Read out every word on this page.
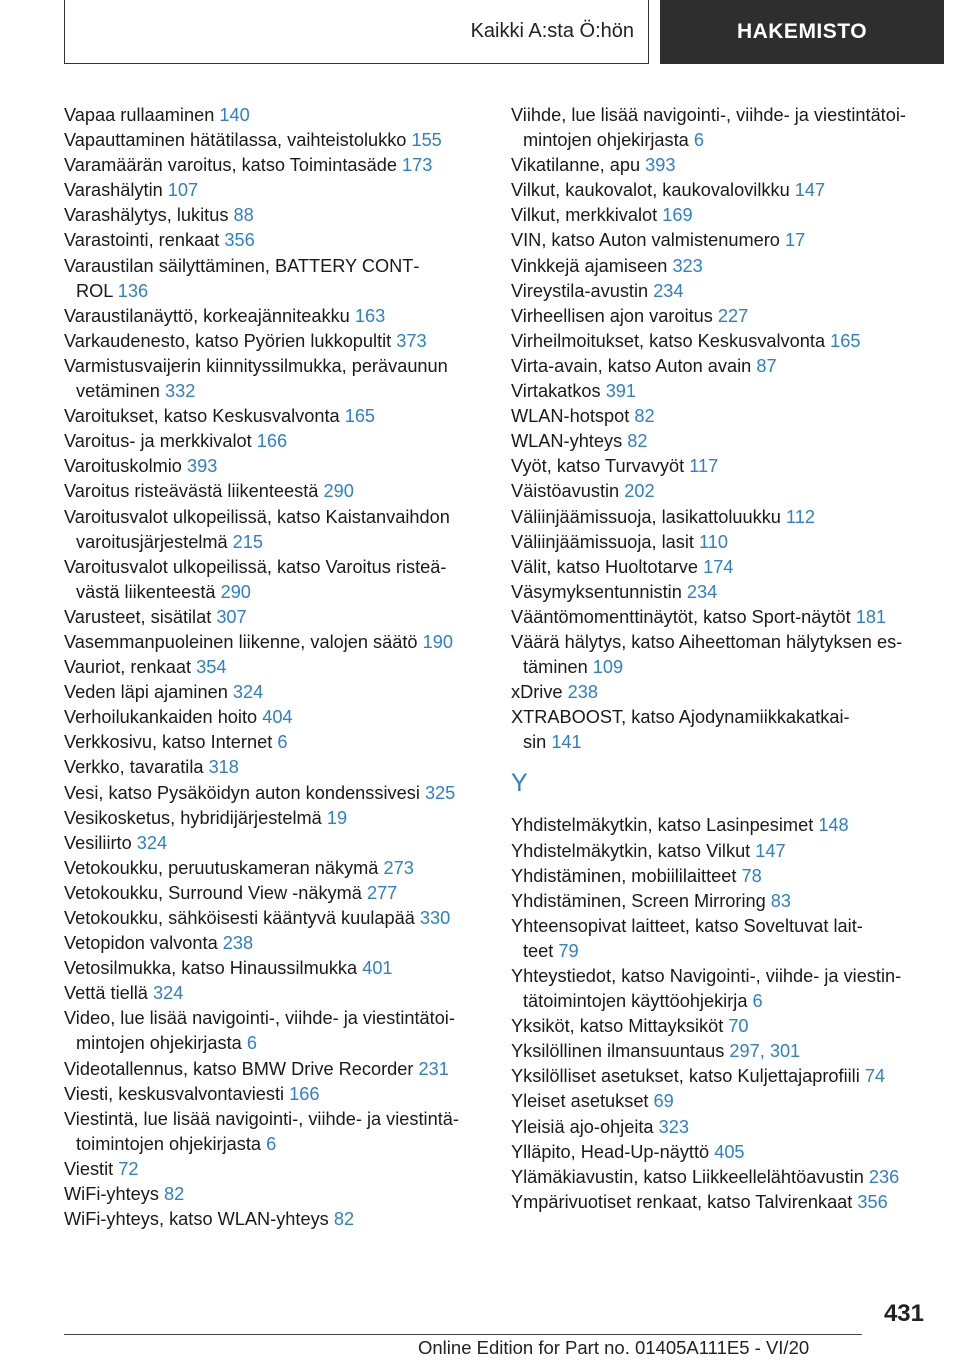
Kaikki A:sta Ö:hön	HAKEMISTO
Vapaa rullaaminen 140
Vapauttaminen hätätilassa, vaihteistolukko 155
Varamäärän varoitus, katso Toimintasäde 173
Varashälytin 107
Varashälytys, lukitus 88
Varastointi, renkaat 356
Varaustilan säilyttäminen, BATTERY CONT‐
ROL 136
Varaustilanäyttö, korkeajänniteakku 163
Varkaudenesto, katso Pyörien lukkopultit 373
Varmistusvaijerin kiinnityssilmukka, perävaunun
vetäminen 332
Varoitukset, katso Keskusvalvonta 165
Varoitus- ja merkkivalot 166
Varoituskolmio 393
Varoitus risteävästä liikenteestä 290
Varoitusvalot ulkopeilissä, katso Kaistanvaihdon
varoitusjärjestelmä 215
Varoitusvalot ulkopeilissä, katso Varoitus risteä‐
västä liikenteestä 290
Varusteet, sisätilat 307
Vasemmanpuoleinen liikenne, valojen säätö 190
Vauriot, renkaat 354
Veden läpi ajaminen 324
Verhoilukankaiden hoito 404
Verkkosivu, katso Internet 6
Verkko, tavaratila 318
Vesi, katso Pysäköidyn auton kondenssivesi 325
Vesikosketus, hybridijärjestelmä 19
Vesiliirto 324
Vetokoukku, peruutuskameran näkymä 273
Vetokoukku, Surround View -näkymä 277
Vetokoukku, sähköisesti kääntyvä kuulapää 330
Vetopidon valvonta 238
Vetosilmukka, katso Hinaussilmukka 401
Vettä tiellä 324
Video, lue lisää navigointi-, viihde- ja viestintätoi‐
mintojen ohjekirjasta 6
Videotallennus, katso BMW Drive Recorder 231
Viesti, keskusvalvontaviesti 166
Viestintä, lue lisää navigointi-, viihde- ja viestintä‐
toimintojen ohjekirjasta 6
Viestit 72
WiFi-yhteys 82
WiFi-yhteys, katso WLAN-yhteys 82
Viihde, lue lisää navigointi-, viihde- ja viestintätoi‐
mintojen ohjekirjasta 6
Vikatilanne, apu 393
Vilkut, kaukovalot, kaukovalovilkku 147
Vilkut, merkkivalot 169
VIN, katso Auton valmistenumero 17
Vinkkejä ajamiseen 323
Vireystila-avustin 234
Virheellisen ajon varoitus 227
Virheilmoitukset, katso Keskusvalvonta 165
Virta-avain, katso Auton avain 87
Virtakatkos 391
WLAN-hotspot 82
WLAN-yhteys 82
Vyöt, katso Turvavyöt 117
Väistöavustin 202
Väliinjäämissuoja, lasikattoluukku 112
Väliinjäämissuoja, lasit 110
Välit, katso Huoltotarve 174
Väsymyksentunnistin 234
Vääntömomenttinäytöt, katso Sport-näytöt 181
Väärä hälytys, katso Aiheettoman hälytyksen es‐
täminen 109
xDrive 238
XTRABOOST, katso Ajodynamiikkakatkai‐
sin 141
Y
Yhdistelmäkytkin, katso Lasinpesimet 148
Yhdistelmäkytkin, katso Vilkut 147
Yhdistäminen, mobiililaitteet 78
Yhdistäminen, Screen Mirroring 83
Yhteensopivat laitteet, katso Soveltuvat lait‐
teet 79
Yhteystiedot, katso Navigointi-, viihde- ja viestin‐
tätoimintojen käyttöohjekirja 6
Yksiköt, katso Mittayksiköt 70
Yksilöllinen ilmansuuntaus 297, 301
Yksilölliset asetukset, katso Kuljettajaprofiili 74
Yleiset asetukset 69
Yleisiä ajo-ohjeita 323
Ylläpito, Head-Up-näyttö 405
Ylämäkiavustin, katso Liikkeellelähtöavustin 236
Ympärivuotiset renkaat, katso Talvirenkaat 356
431
Online Edition for Part no. 01405A111E5 - VI/20
